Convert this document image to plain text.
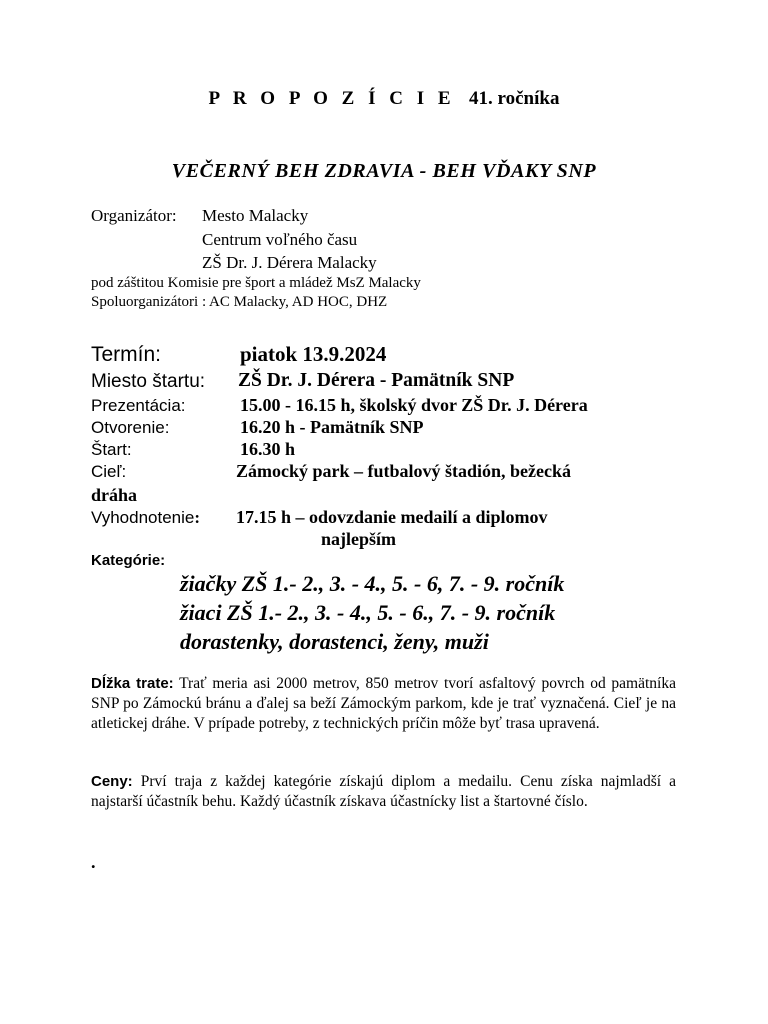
P R O P O Z Í C I E 41. ročníka
VEČERNÝ BEH ZDRAVIA - BEH VĎAKY SNP
Organizátor: Mesto Malacky
Centrum voľného času
ZŠ Dr. J. Dérera Malacky
pod záštitou Komisie pre šport a mládež MsZ Malacky
Spoluorganizátori : AC Malacky, AD HOC, DHZ
Termín:	piatok 13.9.2024
Miesto štartu: ZŠ Dr. J. Dérera - Pamätník SNP
Prezentácia:	15.00 - 16.15 h, školský dvor ZŠ Dr. J. Dérera
Otvorenie:	16.20 h - Pamätník SNP
Štart:	16.30 h
Cieľ:	Zámocký park – futbalový štadión, bežecká
dráha
Vyhodnotenie: 17.15 h – odovzdanie medailí a diplomov
najlepším
Kategórie:
žiačky ZŠ 1.- 2., 3. - 4., 5. - 6, 7. - 9. ročník
žiaci ZŠ 1.- 2., 3. - 4., 5. - 6., 7. - 9. ročník
dorastenky, dorastenci, ženy, muži
Dĺžka trate: Trať meria asi 2000 metrov, 850 metrov tvorí asfaltový povrch od pamätníka SNP po Zámockú bránu a ďalej sa beží Zámockým parkom, kde je trať vyznačená. Cieľ je na atletickej dráhe. V prípade potreby, z technických príčin môže byť trasa upravená.
Ceny: Prví traja z každej kategórie získajú diplom a medailu. Cenu získa najmladší a najstarší účastník behu. Každý účastník získava účastnícky list a štartovné číslo.
.
